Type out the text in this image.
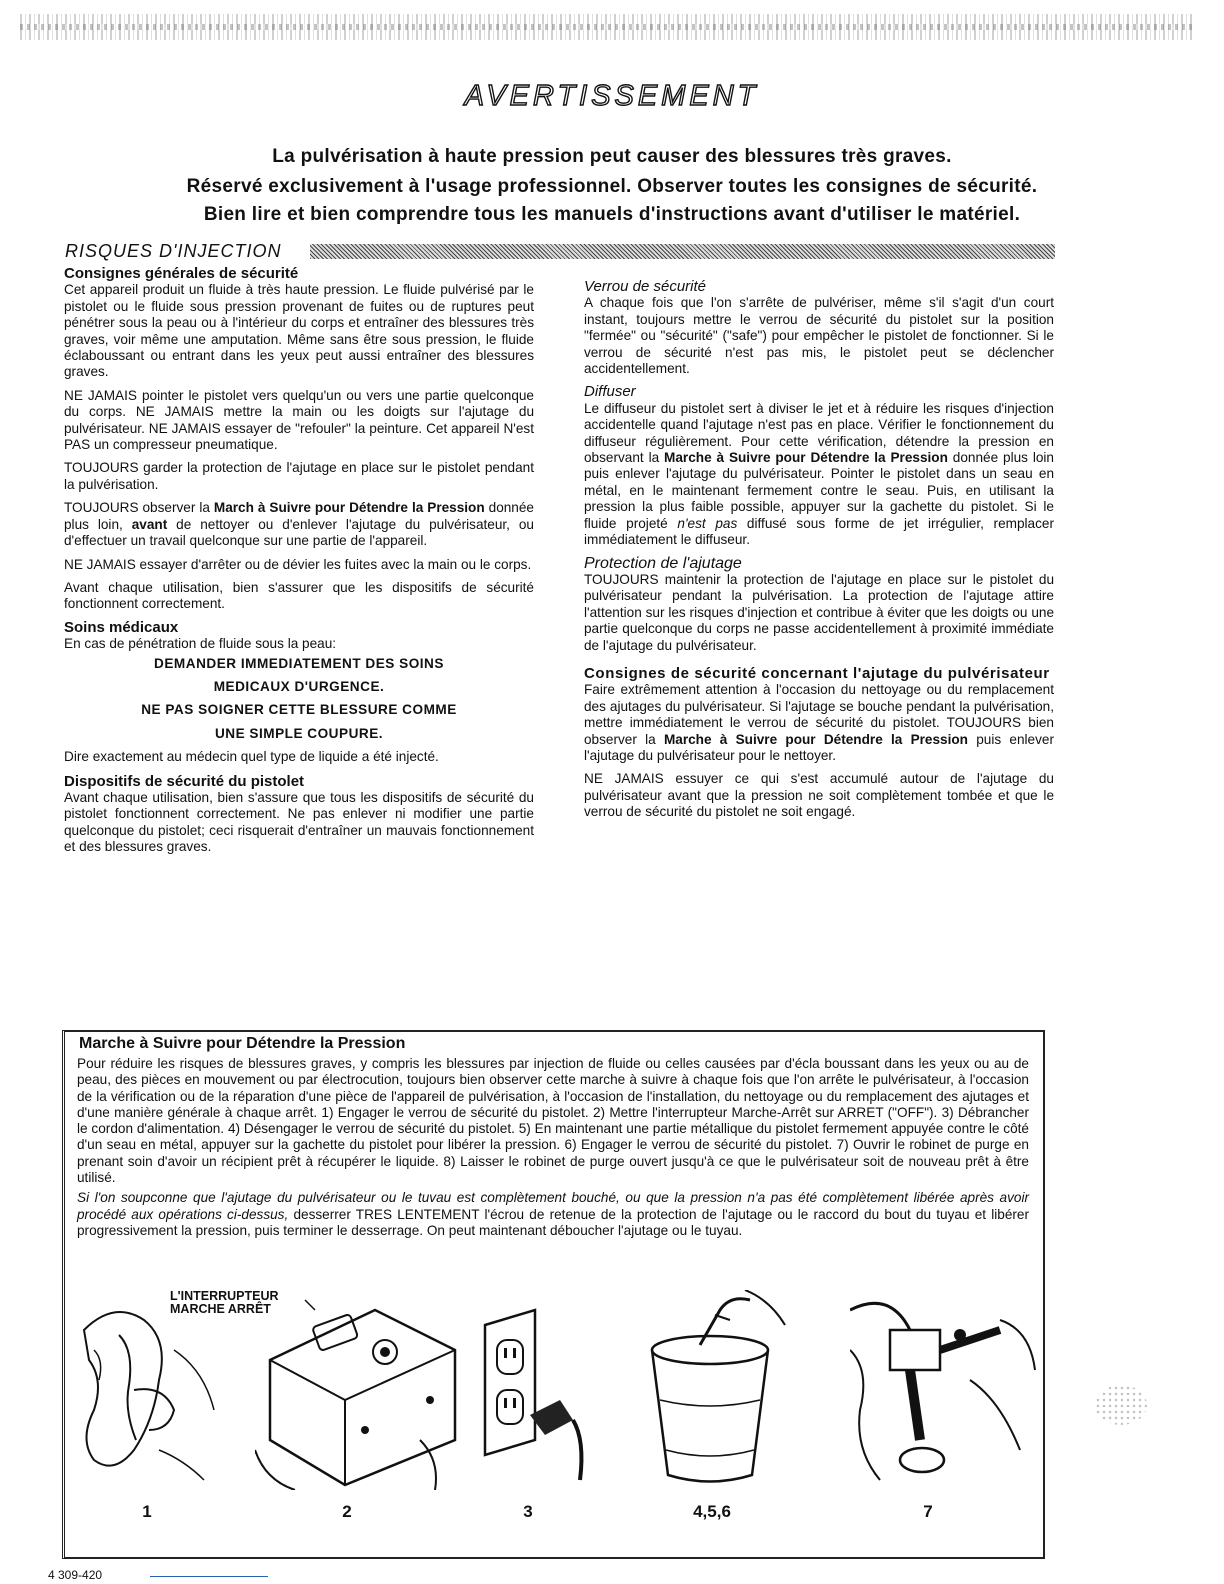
AVERTISSEMENT

La pulvérisation à haute pression peut causer des blessures très graves.

Réservé exclusivement à l'usage professionnel. Observer toutes les consignes de sécurité.

Bien lire et bien comprendre tous les manuels d'instructions avant d'utiliser le matériel.

RISQUES D'INJECTION
Consignes générales de sécurité

Cet appareil produit un fluide à très haute pression. Le fluide pulvérisé par le pistolet ou le fluide sous pression provenant de fuites ou de ruptures peut pénétrer sous la peau ou à l'intérieur du corps et entraîner des blessures très graves, voir même une amputation. Même sans être sous pression, le fluide éclaboussant ou entrant dans les yeux peut aussi entraîner des blessures graves.

NE JAMAIS pointer le pistolet vers quelqu'un ou vers une partie quelconque du corps. NE JAMAIS mettre la main ou les doigts sur l'ajutage du pulvérisateur. NE JAMAIS essayer de "refouler" la peinture. Cet appareil N'est PAS un compresseur pneumatique.

TOUJOURS garder la protection de l'ajutage en place sur le pistolet pendant la pulvérisation.

TOUJOURS observer la March à Suivre pour Détendre la Pression donnée plus loin, avant de nettoyer ou d'enlever l'ajutage du pulvérisateur, ou d'effectuer un travail quelconque sur une partie de l'appareil.

NE JAMAIS essayer d'arrêter ou de dévier les fuites avec la main ou le corps.

Avant chaque utilisation, bien s'assurer que les dispositifs de sécurité fonctionnent correctement.

Soins médicaux

En cas de pénétration de fluide sous la peau:

DEMANDER IMMEDIATEMENT DES SOINS

MEDICAUX D'URGENCE.

NE PAS SOIGNER CETTE BLESSURE COMME

UNE SIMPLE COUPURE.

Dire exactement au médecin quel type de liquide a été injecté.

Dispositifs de sécurité du pistolet

Avant chaque utilisation, bien s'assure que tous les dispositifs de sécurité du pistolet fonctionnent correctement. Ne pas enlever ni modifier une partie quelconque du pistolet; ceci risquerait d'entraîner un mauvais fonctionnement et des blessures graves.

Verrou de sécurité

A chaque fois que l'on s'arrête de pulvériser, même s'il s'agit d'un court instant, toujours mettre le verrou de sécurité du pistolet sur la position "fermée" ou "sécurité" ("safe") pour empêcher le pistolet de fonctionner. Si le verrou de sécurité n'est pas mis, le pistolet peut se déclencher accidentellement.

Diffuser

Le diffuseur du pistolet sert à diviser le jet et à réduire les risques d'injection accidentelle quand l'ajutage n'est pas en place. Vérifier le fonctionnement du diffuseur régulièrement. Pour cette vérification, détendre la pression en observant la Marche à Suivre pour Détendre la Pression donnée plus loin puis enlever l'ajutage du pulvérisateur. Pointer le pistolet dans un seau en métal, en le maintenant fermement contre le seau. Puis, en utilisant la pression la plus faible possible, appuyer sur la gachette du pistolet. Si le fluide projeté n'est pas diffusé sous forme de jet irrégulier, remplacer immédiatement le diffuseur.

Protection de l'ajutage

TOUJOURS maintenir la protection de l'ajutage en place sur le pistolet du pulvérisateur pendant la pulvérisation. La protection de l'ajutage attire l'attention sur les risques d'injection et contribue à éviter que les doigts ou une partie quelconque du corps ne passe accidentellement à proximité immédiate de l'ajutage du pulvérisateur.

Consignes de sécurité concernant l'ajutage du pulvérisateur

Faire extrêmement attention à l'occasion du nettoyage ou du remplacement des ajutages du pulvérisateur. Si l'ajutage se bouche pendant la pulvérisation, mettre immédiatement le verrou de sécurité du pistolet. TOUJOURS bien observer la Marche à Suivre pour Détendre la Pression puis enlever l'ajutage du pulvérisateur pour le nettoyer.

NE JAMAIS essuyer ce qui s'est accumulé autour de l'ajutage du pulvérisateur avant que la pression ne soit complètement tombée et que le verrou de sécurité du pistolet ne soit engagé.

Marche à Suivre pour Détendre la Pression

Pour réduire les risques de blessures graves, y compris les blessures par injection de fluide ou celles causées par d'écla boussant dans les yeux ou au de peau, des pièces en mouvement ou par électrocution, toujours bien observer cette marche à suivre à chaque fois que l'on arrête le pulvérisateur, à l'occasion de la vérification ou de la réparation d'une pièce de l'appareil de pulvérisation, à l'occasion de l'installation, du nettoyage ou du remplacement des ajutages et d'une manière générale à chaque arrêt. 1) Engager le verrou de sécurité du pistolet. 2) Mettre l'interrupteur Marche-Arrêt sur ARRET ("OFF"). 3) Débrancher le cordon d'alimentation. 4) Désengager le verrou de sécurité du pistolet. 5) En maintenant une partie métallique du pistolet fermement appuyée contre le côté d'un seau en métal, appuyer sur la gachette du pistolet pour libérer la pression. 6) Engager le verrou de sécurité du pistolet. 7) Ouvrir le robinet de purge en prenant soin d'avoir un récipient prêt à récupérer le liquide. 8) Laisser le robinet de purge ouvert jusqu'à ce que le pulvérisateur soit de nouveau prêt à être utilisé.

Si l'on soupconne que l'ajutage du pulvérisateur ou le tuvau est complètement bouché, ou que la pression n'a pas été complètement libérée après avoir procédé aux opérations ci-dessus, desserrer TRES LENTEMENT l'écrou de retenue de la protection de l'ajutage ou le raccord du bout du tuyau et libérer progressivement la pression, puis terminer le desserrage. On peut maintenant déboucher l'ajutage ou le tuyau.

L'INTERRUPTEUR
MARCHE ARRÊT
1	2	3	4,5,6	7
4 309-420
